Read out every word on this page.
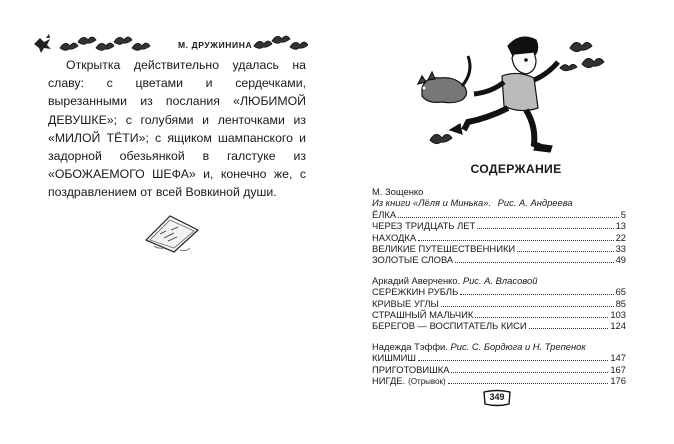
М. ДРУЖИНИНА

Открытка действительно удалась на славу: с цветами и сердечками, вырезанными из послания «ЛЮБИМОЙ ДЕВУШКЕ»; с голубями и ленточками из «МИЛОЙ ТЁТИ»; с ящиком шампанского и задорной обезьянкой в галстуке из «ОБОЖАЕМОГО ШЕФА» и, конечно же, с поздравлением от всей Вовкиной души.

СОДЕРЖАНИЕ
М. Зощенко
Из книги «Лёля и Минька». Рис. А. Андреева
ЁЛКА	5
ЧЕРЕЗ ТРИДЦАТЬ ЛЕТ	13
НАХОДКА	22
ВЕЛИКИЕ ПУТЕШЕСТВЕННИКИ	33
ЗОЛОТЫЕ СЛОВА	49
Аркадий Аверченко. Рис. А. Власовой
СЕРЕЖКИН РУБЛЬ	65
КРИВЫЕ УГЛЫ	85
СТРАШНЫЙ МАЛЬЧИК	103
БЕРЕГОВ — ВОСПИТАТЕЛЬ КИСИ	124
Надежда Тэффи. Рис. С. Бордюга и Н. Трепенок
КИШМИШ	147
ПРИГОТОВИШКА	167
НИГДЕ. (Отрывок)	176
349
